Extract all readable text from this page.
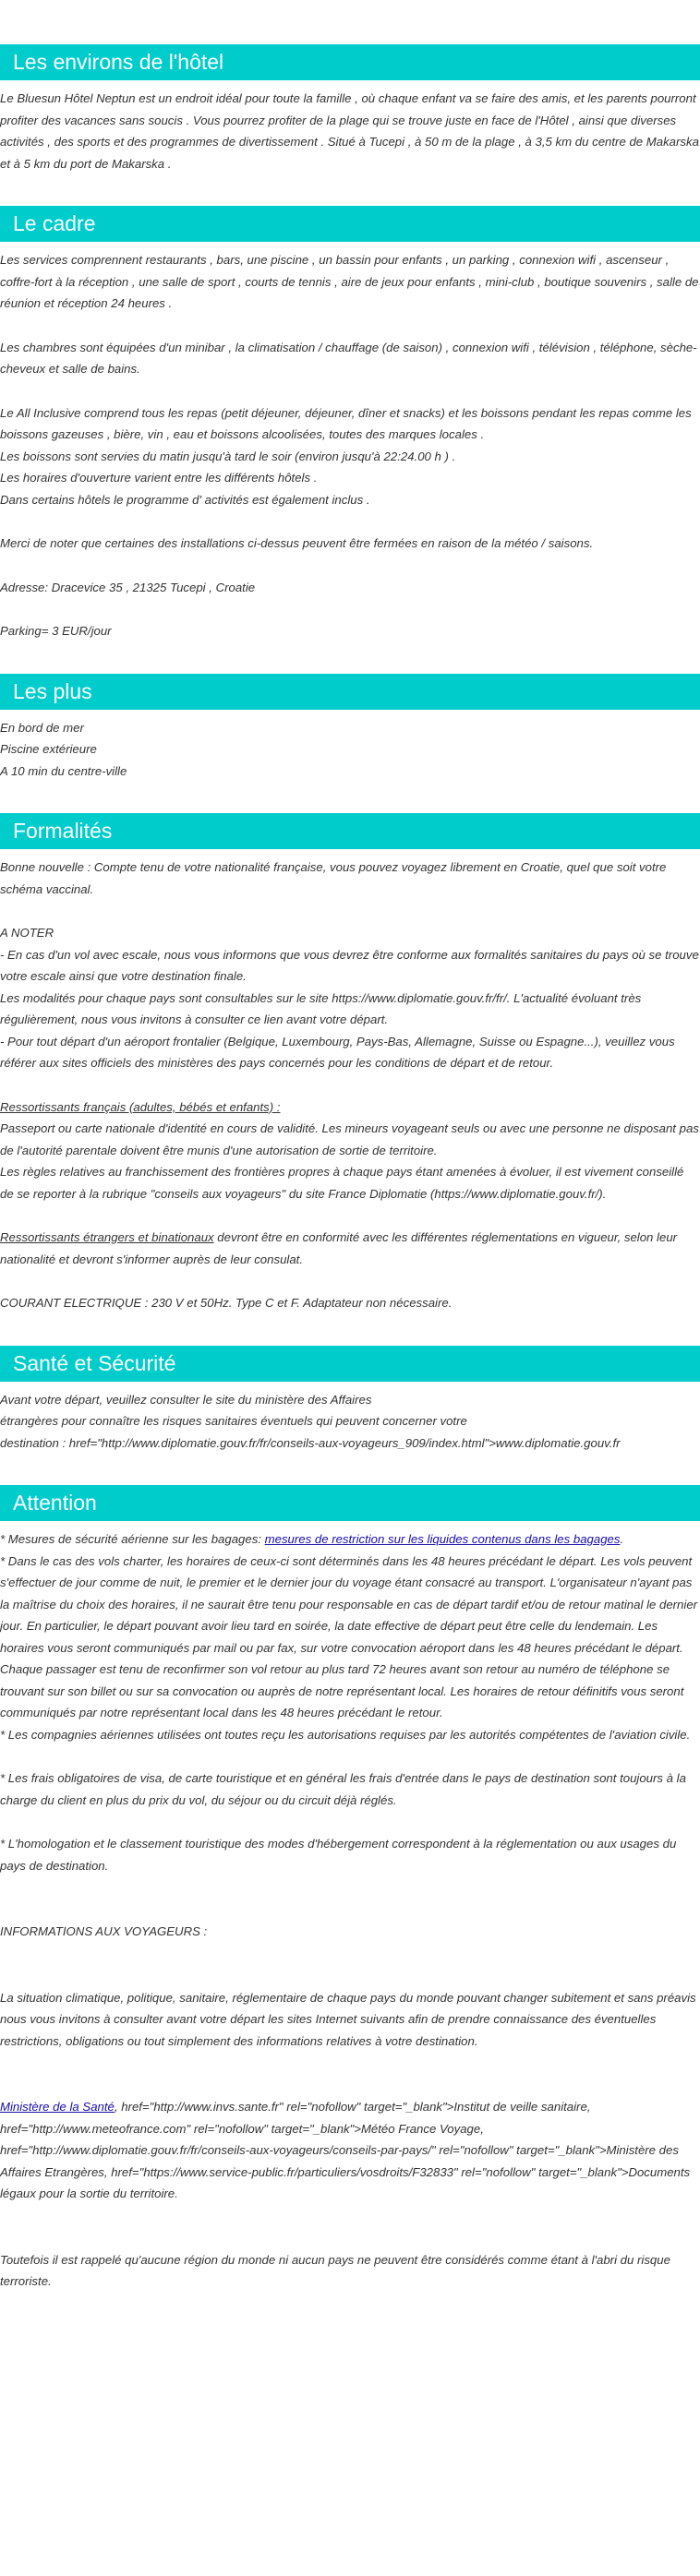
Les environs de l'hôtel

Le Bluesun Hôtel Neptun est un endroit idéal pour toute la famille , où chaque enfant va se faire des amis, et les parents pourront profiter des vacances sans soucis . Vous pourrez profiter de la plage qui se trouve juste en face de l'Hôtel , ainsi que diverses activités , des sports et des programmes de divertissement . Situé à Tucepi , à 50 m de la plage , à 3,5 km du centre de Makarska et à 5 km du port de Makarska .

Le cadre

Les services comprennent restaurants , bars, une piscine , un bassin pour enfants , un parking , connexion wifi , ascenseur , coffre-fort à la réception , une salle de sport , courts de tennis , aire de jeux pour enfants , mini-club , boutique souvenirs , salle de réunion et réception 24 heures .

Les chambres sont équipées d'un minibar , la climatisation / chauffage (de saison) , connexion wifi , télévision , téléphone, sèche-cheveux et salle de bains.

Le All Inclusive comprend tous les repas (petit déjeuner, déjeuner, dîner et snacks) et les boissons pendant les repas comme les boissons gazeuses , bière, vin , eau et boissons alcoolisées, toutes des marques locales .

Les boissons sont servies du matin jusqu'à tard le soir (environ jusqu'à 22:24.00 h ) .

Les horaires d'ouverture varient entre les différents hôtels .

Dans certains hôtels le programme d' activités est également inclus .

Merci de noter que certaines des installations ci-dessus peuvent être fermées en raison de la météo / saisons.

Adresse: Dracevice 35 , 21325 Tucepi , Croatie

Parking= 3 EUR/jour

Les plus

En bord de mer

Piscine extérieure

A 10 min du centre-ville

Formalités

Bonne nouvelle : Compte tenu de votre nationalité française, vous pouvez voyagez librement en Croatie, quel que soit votre schéma vaccinal.

A NOTER

- En cas d'un vol avec escale, nous vous informons que vous devrez être conforme aux formalités sanitaires du pays où se trouve votre escale ainsi que votre destination finale.

Les modalités pour chaque pays sont consultables sur le site https://www.diplomatie.gouv.fr/fr/. L'actualité évoluant très régulièrement, nous vous invitons à consulter ce lien avant votre départ.

- Pour tout départ d'un aéroport frontalier (Belgique, Luxembourg, Pays-Bas, Allemagne, Suisse ou Espagne...), veuillez vous référer aux sites officiels des ministères des pays concernés pour les conditions de départ et de retour.

Ressortissants français (adultes, bébés et enfants) :

Passeport ou carte nationale d'identité en cours de validité. Les mineurs voyageant seuls ou avec une personne ne disposant pas de l'autorité parentale doivent être munis d'une autorisation de sortie de territoire.

Les règles relatives au franchissement des frontières propres à chaque pays étant amenées à évoluer, il est vivement conseillé de se reporter à la rubrique "conseils aux voyageurs" du site France Diplomatie (https://www.diplomatie.gouv.fr/).

Ressortissants étrangers et binationaux devront être en conformité avec les différentes réglementations en vigueur, selon leur nationalité et devront s'informer auprès de leur consulat.

COURANT ELECTRIQUE : 230 V et 50Hz. Type C et F. Adaptateur non nécessaire.

Santé et Sécurité

Avant votre départ, veuillez consulter le site du ministère des Affaires

étrangères pour connaître les risques sanitaires éventuels qui peuvent concerner votre

destination : href="http://www.diplomatie.gouv.fr/fr/conseils-aux-voyageurs_909/index.html">www.diplomatie.gouv.fr

Attention

* Mesures de sécurité aérienne sur les bagages: mesures de restriction sur les liquides contenus dans les bagages.

* Dans le cas des vols charter, les horaires de ceux-ci sont déterminés dans les 48 heures précédant le départ. Les vols peuvent s'effectuer de jour comme de nuit, le premier et le dernier jour du voyage étant consacré au transport. L'organisateur n'ayant pas la maîtrise du choix des horaires, il ne saurait être tenu pour responsable en cas de départ tardif et/ou de retour matinal le dernier jour. En particulier, le départ pouvant avoir lieu tard en soirée, la date effective de départ peut être celle du lendemain. Les horaires vous seront communiqués par mail ou par fax, sur votre convocation aéroport dans les 48 heures précédant le départ. Chaque passager est tenu de reconfirmer son vol retour au plus tard 72 heures avant son retour au numéro de téléphone se trouvant sur son billet ou sur sa convocation ou auprès de notre représentant local. Les horaires de retour définitifs vous seront communiqués par notre représentant local dans les 48 heures précédant le retour.

* Les compagnies aériennes utilisées ont toutes reçu les autorisations requises par les autorités compétentes de l'aviation civile.

* Les frais obligatoires de visa, de carte touristique et en général les frais d'entrée dans le pays de destination sont toujours à la charge du client en plus du prix du vol, du séjour ou du circuit déjà réglés.

* L'homologation et le classement touristique des modes d'hébergement correspondent à la réglementation ou aux usages du pays de destination.

INFORMATIONS AUX VOYAGEURS :

La situation climatique, politique, sanitaire, réglementaire de chaque pays du monde pouvant changer subitement et sans préavis

nous vous invitons à consulter avant votre départ les sites Internet suivants afin de prendre connaissance des éventuelles restrictions, obligations ou tout simplement des informations relatives à votre destination.

Ministère de la Santé, href="http://www.invs.sante.fr" rel="nofollow" target="_blank">Institut de veille sanitaire, href="http://www.meteofrance.com" rel="nofollow" target="_blank">Météo France Voyage, href="http://www.diplomatie.gouv.fr/fr/conseils-aux-voyageurs/conseils-par-pays/" rel="nofollow" target="_blank">Ministère des Affaires Etrangères, href="https://www.service-public.fr/particuliers/vosdroits/F32833" rel="nofollow" target="_blank">Documents légaux pour la sortie du territoire.

Toutefois il est rappelé qu'aucune région du monde ni aucun pays ne peuvent être considérés comme étant à l'abri du risque terroriste.
